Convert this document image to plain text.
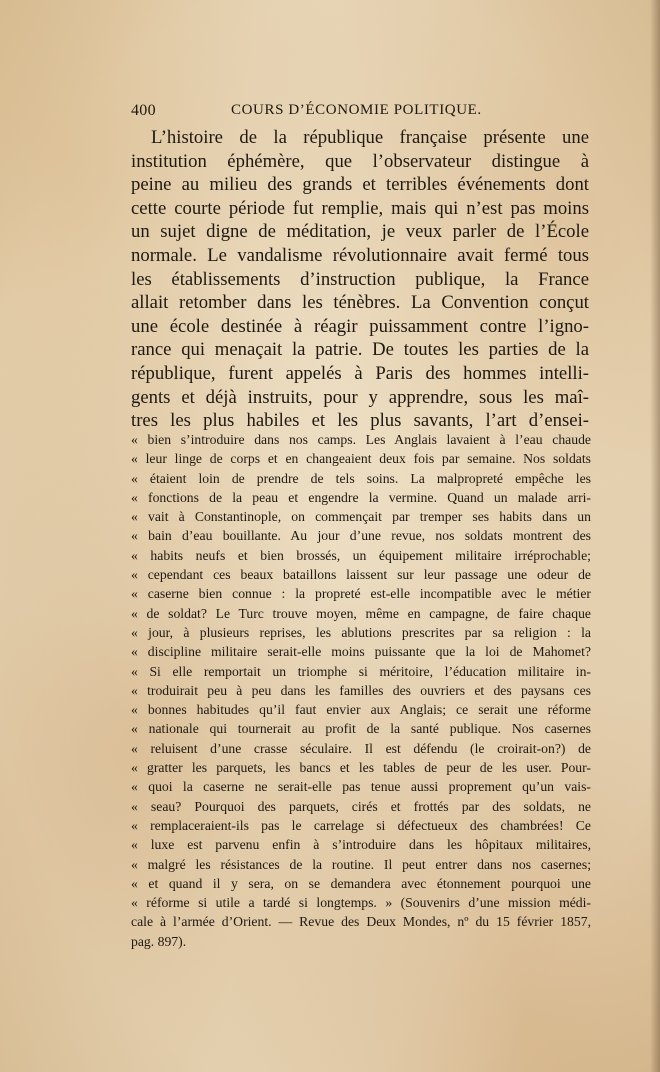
400	COURS D’ÉCONOMIE POLITIQUE.
L’histoire de la république française présente une
institution éphémère, que l’observateur distingue à
peine au milieu des grands et terribles événements dont
cette courte période fut remplie, mais qui n’est pas moins
un sujet digne de méditation, je veux parler de l’École
normale. Le vandalisme révolutionnaire avait fermé tous
les établissements d’instruction publique, la France
allait retomber dans les ténèbres. La Convention conçut
une école destinée à réagir puissamment contre l’igno-
rance qui menaçait la patrie. De toutes les parties de la
république, furent appelés à Paris des hommes intelli-
gents et déjà instruits, pour y apprendre, sous les maî-
tres les plus habiles et les plus savants, l’art d’ensei-
« bien s’introduire dans nos camps. Les Anglais lavaient à l’eau chaude
« leur linge de corps et en changeaient deux fois par semaine. Nos soldats
« étaient loin de prendre de tels soins. La malpropreté empêche les
« fonctions de la peau et engendre la vermine. Quand un malade arri-
« vait à Constantinople, on commençait par tremper ses habits dans un
« bain d’eau bouillante. Au jour d’une revue, nos soldats montrent des
« habits neufs et bien brossés, un équipement militaire irréprochable;
« cependant ces beaux bataillons laissent sur leur passage une odeur de
« caserne bien connue : la propreté est-elle incompatible avec le métier
« de soldat? Le Turc trouve moyen, même en campagne, de faire chaque
« jour, à plusieurs reprises, les ablutions prescrites par sa religion : la
« discipline militaire serait-elle moins puissante que la loi de Mahomet?
« Si elle remportait un triomphe si méritoire, l’éducation militaire in-
« troduirait peu à peu dans les familles des ouvriers et des paysans ces
« bonnes habitudes qu’il faut envier aux Anglais; ce serait une réforme
« nationale qui tournerait au profit de la santé publique. Nos casernes
« reluisent d’une crasse séculaire. Il est défendu (le croirait-on?) de
« gratter les parquets, les bancs et les tables de peur de les user. Pour-
« quoi la caserne ne serait-elle pas tenue aussi proprement qu’un vais-
« seau? Pourquoi des parquets, cirés et frottés par des soldats, ne
« remplaceraient-ils pas le carrelage si défectueux des chambrées! Ce
« luxe est parvenu enfin à s’introduire dans les hôpitaux militaires,
« malgré les résistances de la routine. Il peut entrer dans nos casernes;
« et quand il y sera, on se demandera avec étonnement pourquoi une
« réforme si utile a tardé si longtemps. » (Souvenirs d’une mission médi-
cale à l’armée d’Orient. — Revue des Deux Mondes, nº du 15 février 1857,
pag. 897).
